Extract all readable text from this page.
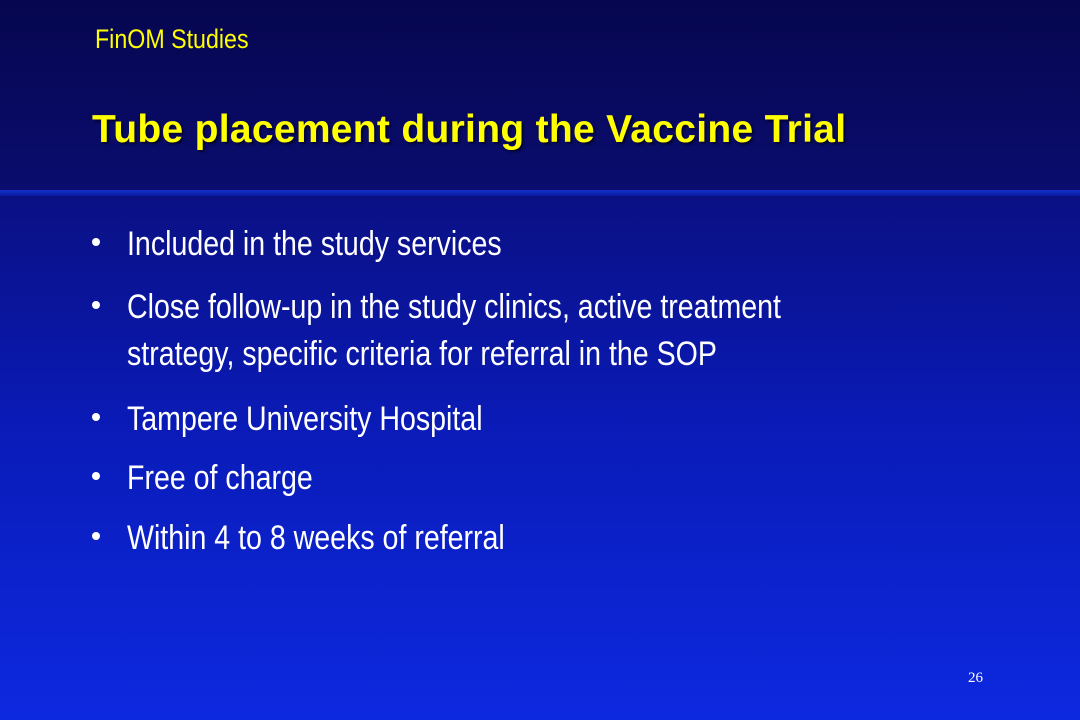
FinOM Studies
Tube placement during the Vaccine Trial
Included in the study services
Close follow-up in the study clinics, active treatment
strategy, specific criteria for referral in the SOP
Tampere University Hospital
Free of charge
Within 4 to 8 weeks of referral
26
